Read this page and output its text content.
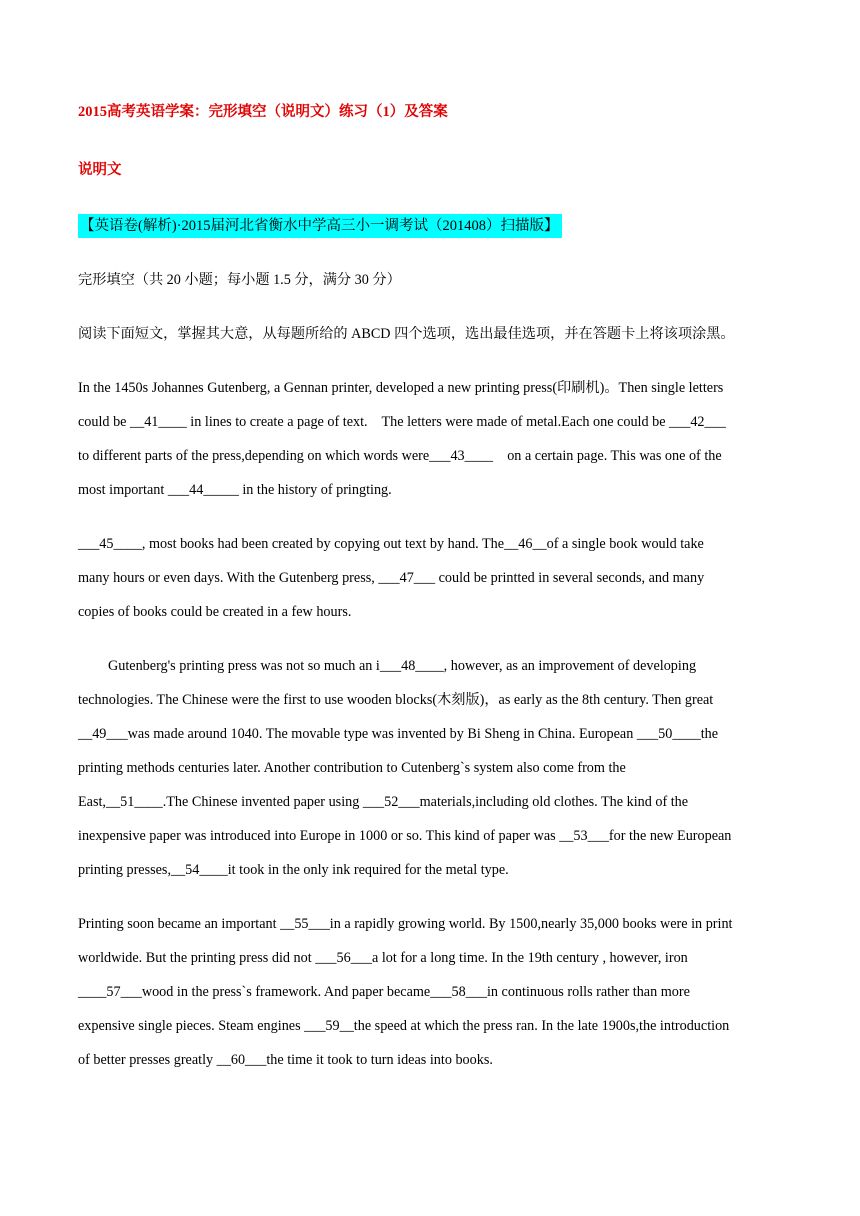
2015高考英语学案：完形填空（说明文）练习（1）及答案
说明文
【英语卷(解析)·2015届河北省衡水中学高三小一调考试（201408）扫描版】
完形填空（共 20 小题；每小题 1.5 分，满分 30 分）
阅读下面短文，掌握其大意，从每题所给的 ABCD 四个选项，选出最佳选项，并在答题卡上将该项涂黑。
In the 1450s Johannes Gutenberg, a Gennan printer, developed a new printing press(印刷机)。Then single letters
could be __41____ in lines to create a page of text.    The letters were made of metal.Each one could be ___42___
to different parts of the press,depending on which words were___43____    on a certain page. This was one of the
most important ___44_____ in the history of pringting.
___45____, most books had been created by copying out text by hand. The__46__of a single book would take
many hours or even days. With the Gutenberg press, ___47___ could be printted in several seconds, and many
copies of books could be created in a few hours.
Gutenberg's printing press was not so much an i___48____, however, as an improvement of developing
technologies. The Chinese were the first to use wooden blocks(木刻版)，as early as the 8th century. Then great
__49___was made around 1040. The movable type was invented by Bi Sheng in China. European ___50____the
printing methods centuries later. Another contribution to Cutenberg`s system also come from the
East,__51____.The Chinese invented paper using ___52___materials,including old clothes. The kind of the
inexpensive paper was introduced into Europe in 1000 or so. This kind of paper was __53___for the new European
printing presses,__54____it took in the only ink required for the metal type.
Printing soon became an important __55___in a rapidly growing world. By 1500,nearly 35,000 books were in print
worldwide. But the printing press did not ___56___a lot for a long time. In the 19th century , however, iron
____57___wood in the press`s framework. And paper became___58___in continuous rolls rather than more
expensive single pieces. Steam engines ___59__the speed at which the press ran. In the late 1900s,the introduction
of better presses greatly __60___the time it took to turn ideas into books.
